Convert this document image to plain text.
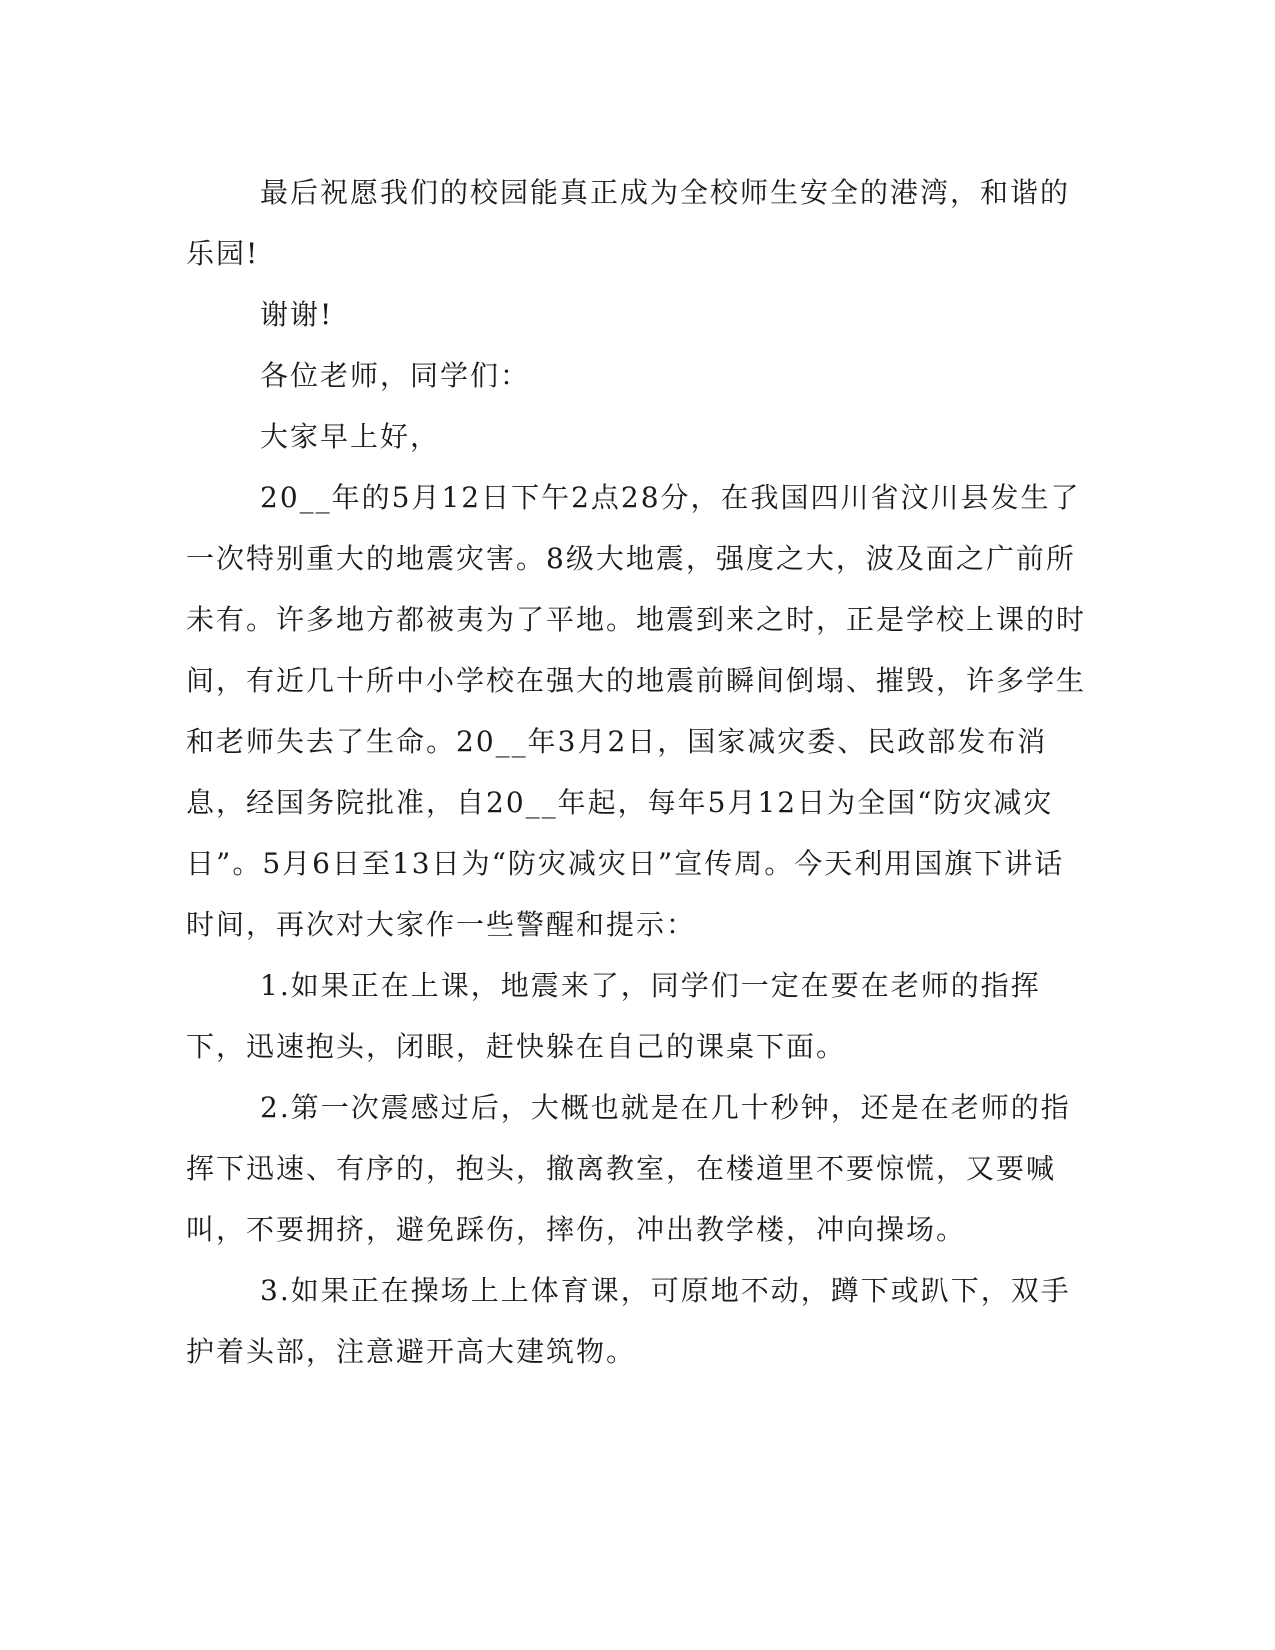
最后祝愿我们的校园能真正成为全校师生安全的港湾，和谐的乐园!

谢谢!

各位老师，同学们：

大家早上好，

20__年的5月12日下午2点28分，在我国四川省汶川县发生了一次特别重大的地震灾害。8级大地震，强度之大，波及面之广前所未有。许多地方都被夷为了平地。地震到来之时，正是学校上课的时间，有近几十所中小学校在强大的地震前瞬间倒塌、摧毁，许多学生和老师失去了生命。20__年3月2日，国家减灾委、民政部发布消息，经国务院批准，自20__年起，每年5月12日为全国“防灾减灾日”。5月6日至13日为“防灾减灾日”宣传周。今天利用国旗下讲话时间，再次对大家作一些警醒和提示：

1.如果正在上课，地震来了，同学们一定在要在老师的指挥下，迅速抱头，闭眼，赶快躲在自己的课桌下面。

2.第一次震感过后，大概也就是在几十秒钟，还是在老师的指挥下迅速、有序的，抱头，撤离教室，在楼道里不要惊慌，又要喊叫，不要拥挤，避免踩伤，摔伤，冲出教学楼，冲向操场。

3.如果正在操场上上体育课，可原地不动，蹲下或趴下，双手护着头部，注意避开高大建筑物。
